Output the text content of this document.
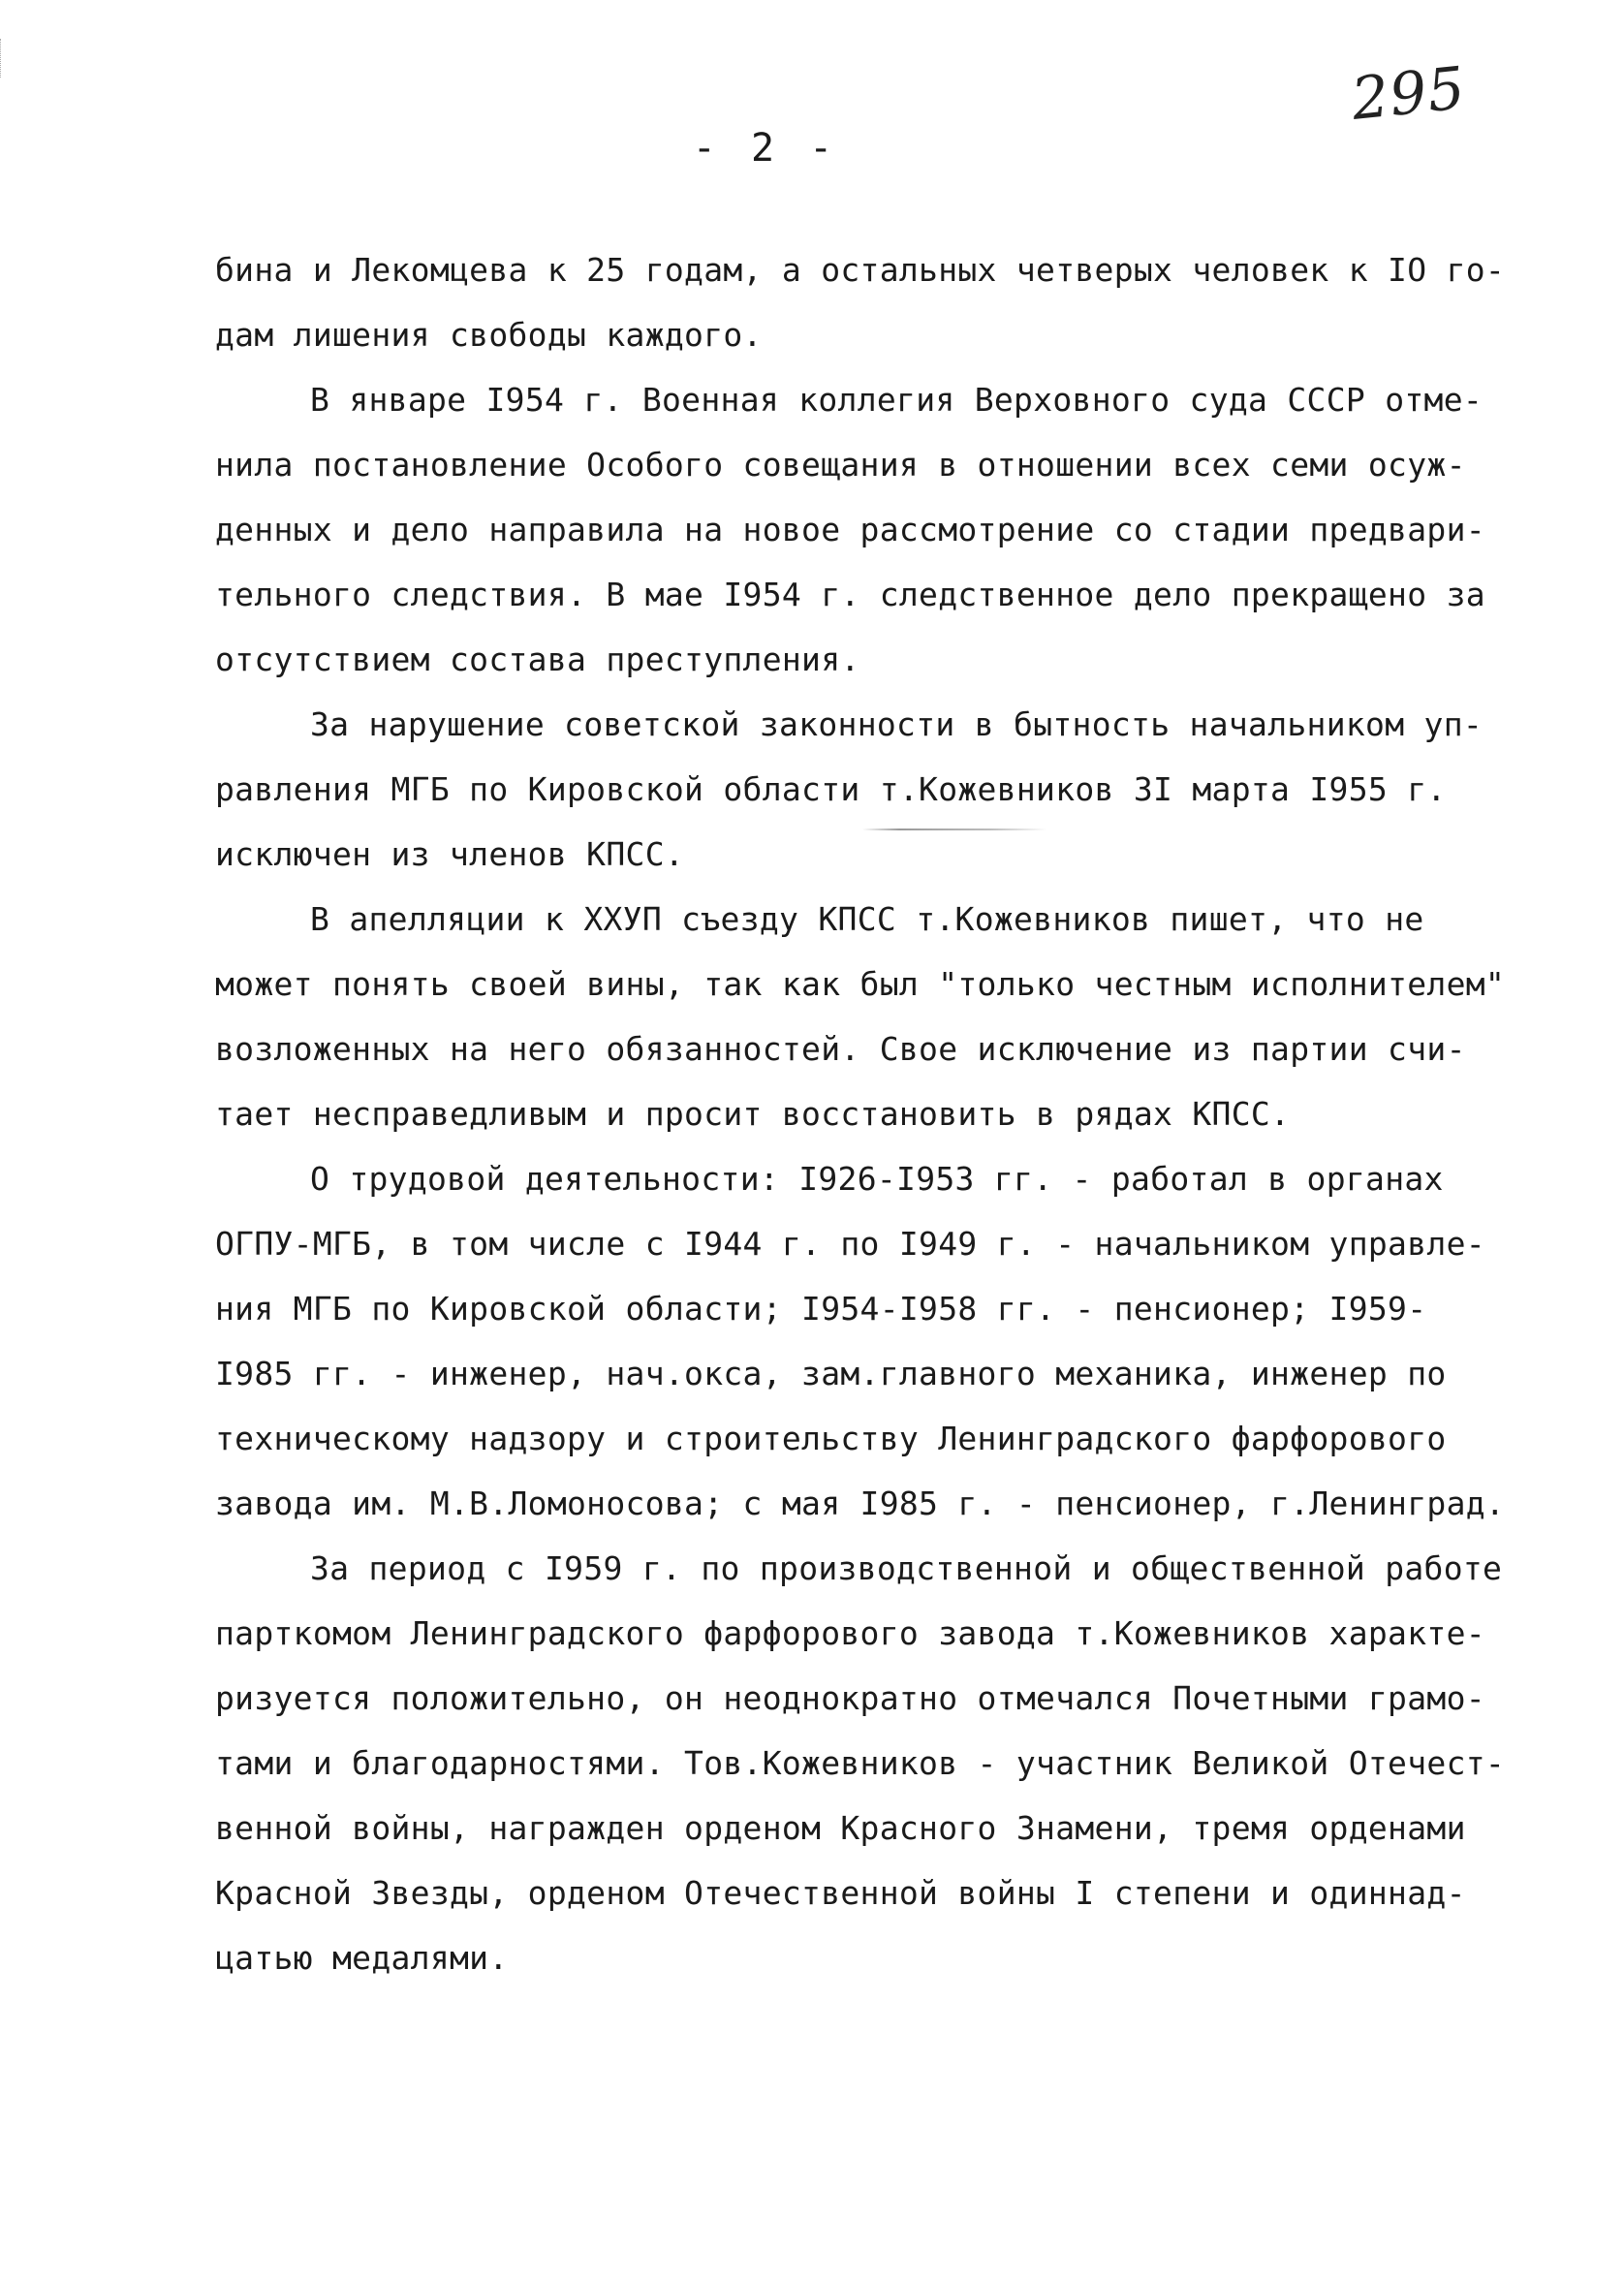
295
- 2 -
бина и Лекомцева к 25 годам, а остальных четверых человек к IO го-
дам лишения свободы каждого.
В январе I954 г. Военная коллегия Верховного суда СССР отме-
нила постановление Особого совещания в отношении всех семи осуж-
денных и дело направила на новое рассмотрение со стадии предвари-
тельного следствия. В мае I954 г. следственное дело прекращено за
отсутствием состава преступления.
За нарушение советской законности в бытность начальником уп-
равления МГБ по Кировской области т.Кожевников 3I марта I955 г.
исключен из членов КПСС.
В апелляции к ХХУП съезду КПСС т.Кожевников пишет, что не
может понять своей вины, так как был "только честным исполнителем"
возложенных на него обязанностей. Свое исключение из партии счи-
тает несправедливым и просит восстановить в рядах КПСС.
О трудовой деятельности: I926-I953 гг. - работал в органах
ОГПУ-МГБ, в том числе с I944 г. по I949 г. - начальником управле-
ния МГБ по Кировской области; I954-I958 гг. - пенсионер; I959-
I985 гг. - инженер, нач.окса, зам.главного механика, инженер по
техническому надзору и строительству Ленинградского фарфорового
завода им. М.В.Ломоносова; с мая I985 г. - пенсионер, г.Ленинград.
За период с I959 г. по производственной и общественной работе
парткомом Ленинградского фарфорового завода т.Кожевников характе-
ризуется положительно, он неоднократно отмечался Почетными грамо-
тами и благодарностями. Тов.Кожевников - участник Великой Отечест-
венной войны, награжден орденом Красного Знамени, тремя орденами
Красной Звезды, орденом Отечественной войны I степени и одиннад-
цатью медалями.
